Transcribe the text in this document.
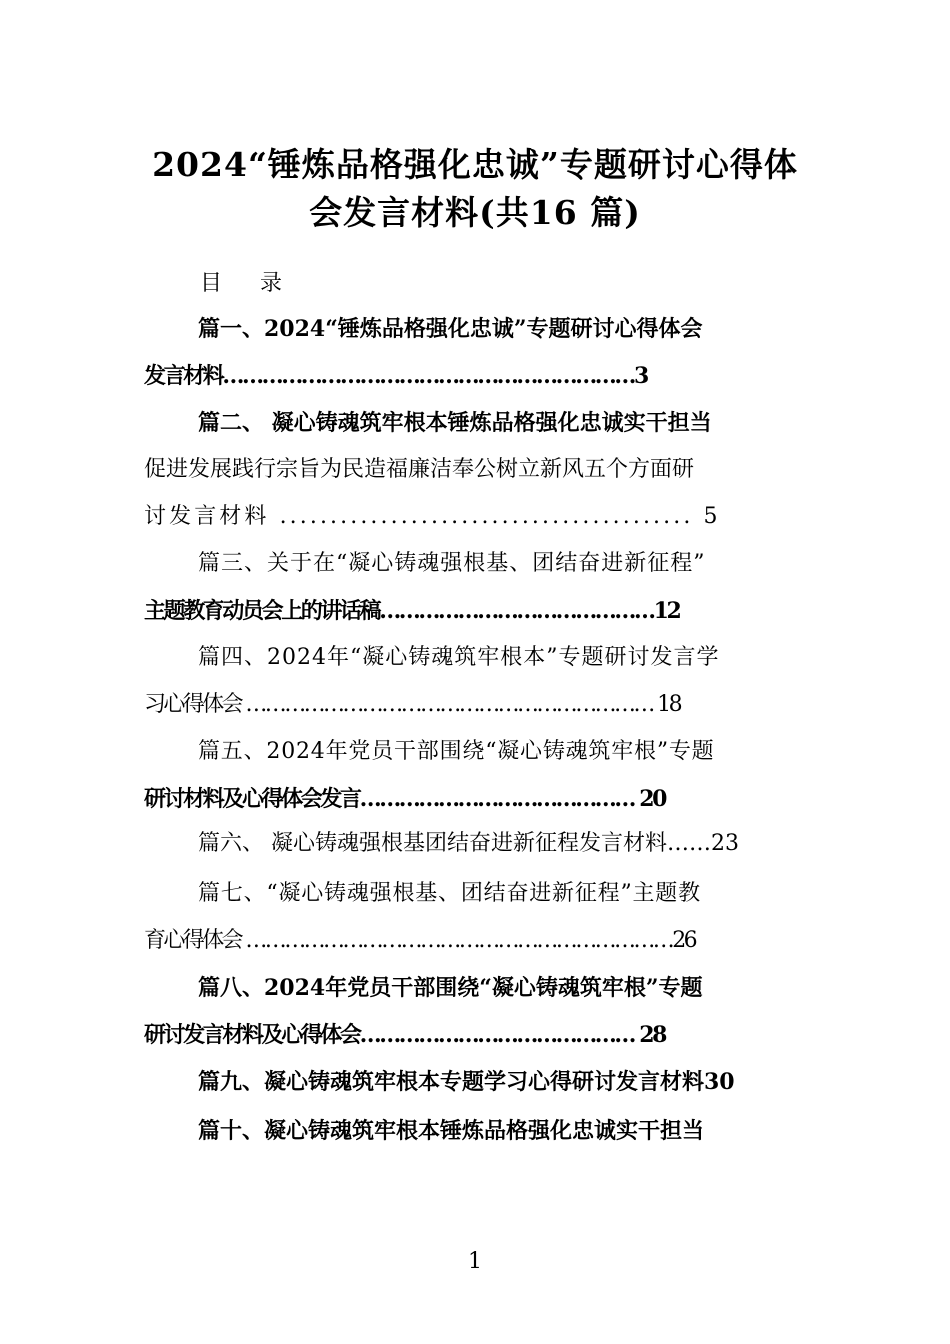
2024“锤炼品格强化忠诚”专题研讨心得体
会发言材料(共16 篇)
目 录
篇一、2024“锤炼品格强化忠诚”专题研讨心得体会
发言材料………………………………………………………3
篇二、 凝心铸魂筑牢根本锤炼品格强化忠诚实干担当
促进发展践行宗旨为民造福廉洁奉公树立新风五个方面研
讨发言材料 ......................................... 5
篇三、关于在“凝心铸魂强根基、团结奋进新征程”
主题教育动员会上的讲话稿……………………………………12
篇四、2024年“凝心铸魂筑牢根本”专题研讨发言学
习心得体会 ……………………………………………………… 18
篇五、2024年党员干部围绕“凝心铸魂筑牢根”专题
研讨材料及心得体会发言…………………………………… 20
篇六、 凝心铸魂强根基团结奋进新征程发言材料……23
篇七、“凝心铸魂强根基、团结奋进新征程”主题教
育心得体会 …………………………………………………………26
篇八、2024年党员干部围绕“凝心铸魂筑牢根”专题
研讨发言材料及心得体会…………………………………… 28
篇九、凝心铸魂筑牢根本专题学习心得研讨发言材料30
篇十、凝心铸魂筑牢根本锤炼品格强化忠诚实干担当
1
